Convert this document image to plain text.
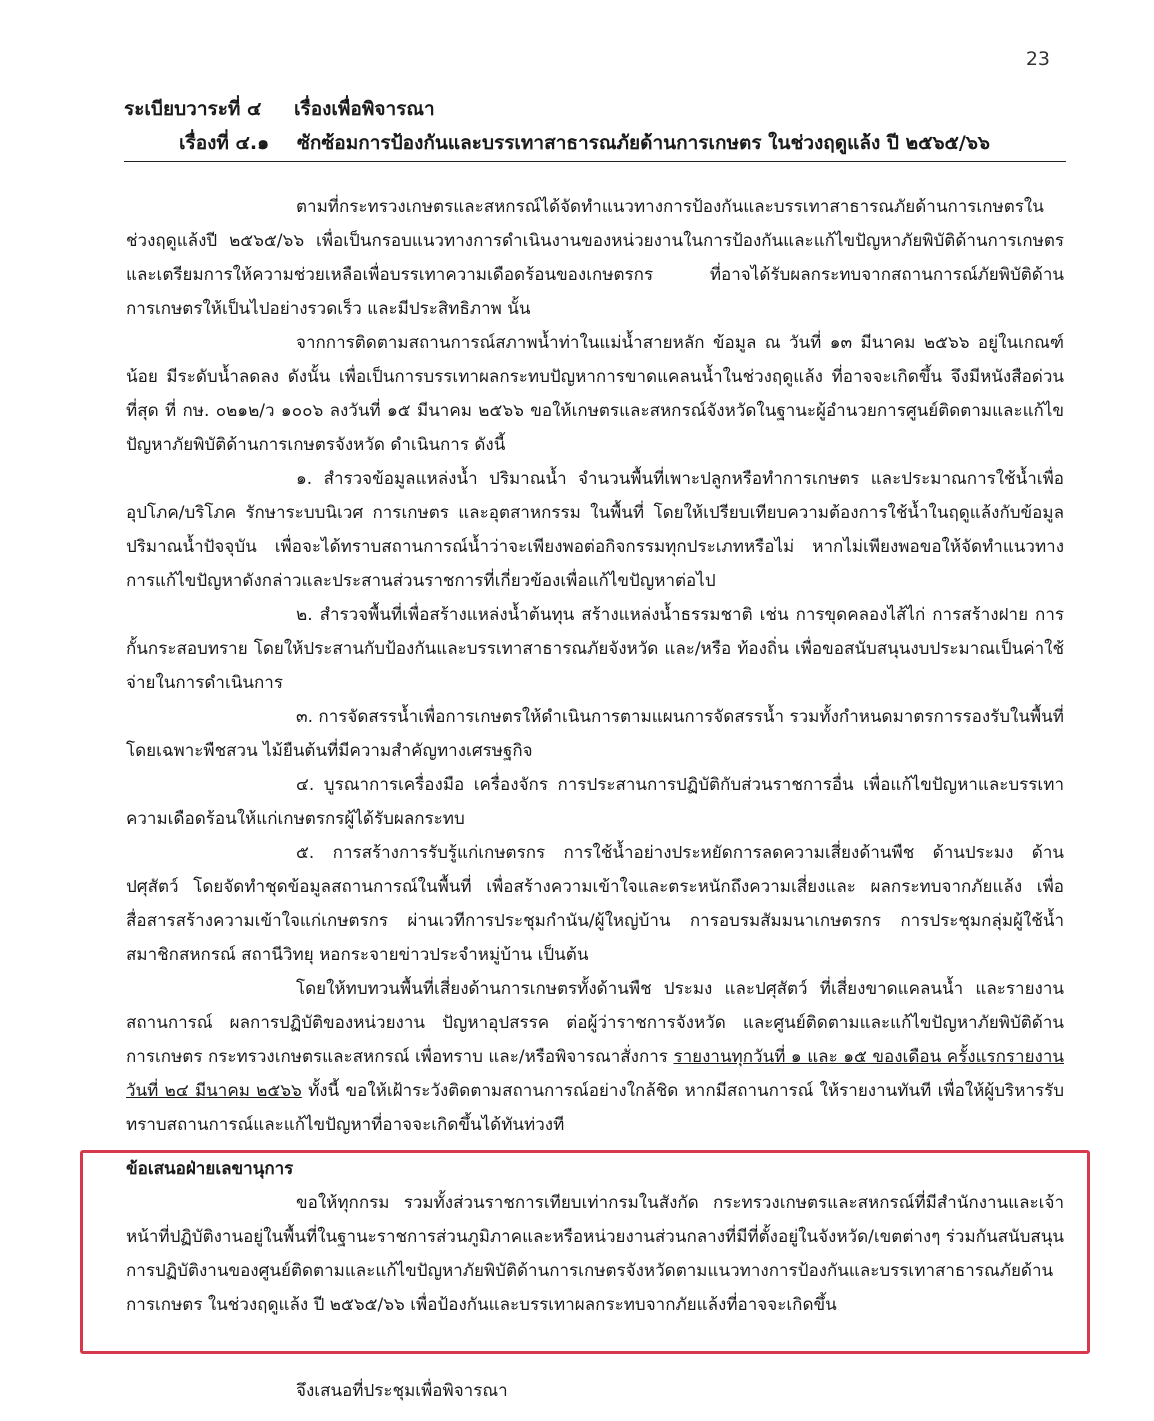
23
ระเบียบวาระที่ ๔ เรื่องเพื่อพิจารณา
เรื่องที่ ๔.๑ ซักซ้อมการป้องกันและบรรเทาสาธารณภัยด้านการเกษตร ในช่วงฤดูแล้ง ปี ๒๕๖๕/๖๖

ตามที่กระทรวงเกษตรและสหกรณ์ได้จัดทำแนวทางการป้องกันและบรรเทาสาธารณภัยด้านการเกษตรในช่วงฤดูแล้งปี ๒๕๖๕/๖๖ เพื่อเป็นกรอบแนวทางการดำเนินงานของหน่วยงานในการป้องกันและแก้ไขปัญหาภัยพิบัติด้านการเกษตร และเตรียมการให้ความช่วยเหลือเพื่อบรรเทาความเดือดร้อนของเกษตรกร ที่อาจได้รับผลกระทบจากสถานการณ์ภัยพิบัติด้านการเกษตรให้เป็นไปอย่างรวดเร็ว และมีประสิทธิภาพ นั้น

จากการติดตามสถานการณ์สภาพน้ำท่าในแม่น้ำสายหลัก ข้อมูล ณ วันที่ ๑๓ มีนาคม ๒๕๖๖ อยู่ในเกณฑ์น้อย มีระดับน้ำลดลง ดังนั้น เพื่อเป็นการบรรเทาผลกระทบปัญหาการขาดแคลนน้ำในช่วงฤดูแล้ง ที่อาจจะเกิดขึ้น จึงมีหนังสือด่วนที่สุด ที่ กษ. ๐๒๑๒/ว ๑๐๐๖ ลงวันที่ ๑๕ มีนาคม ๒๕๖๖ ขอให้เกษตรและสหกรณ์จังหวัดในฐานะผู้อำนวยการศูนย์ติดตามและแก้ไขปัญหาภัยพิบัติด้านการเกษตรจังหวัด ดำเนินการ ดังนี้

๑. สำรวจข้อมูลแหล่งน้ำ ปริมาณน้ำ จำนวนพื้นที่เพาะปลูกหรือทำการเกษตร และประมาณการใช้น้ำเพื่ออุปโภค/บริโภค รักษาระบบนิเวศ การเกษตร และอุตสาหกรรม ในพื้นที่ โดยให้เปรียบเทียบความต้องการใช้น้ำในฤดูแล้งกับข้อมูลปริมาณน้ำปัจจุบัน เพื่อจะได้ทราบสถานการณ์น้ำว่าจะเพียงพอต่อกิจกรรมทุกประเภทหรือไม่ หากไม่เพียงพอขอให้จัดทำแนวทางการแก้ไขปัญหาดังกล่าวและประสานส่วนราชการที่เกี่ยวข้องเพื่อแก้ไขปัญหาต่อไป

๒. สำรวจพื้นที่เพื่อสร้างแหล่งน้ำต้นทุน สร้างแหล่งน้ำธรรมชาติ เช่น การขุดคลองไส้ไก่ การสร้างฝาย การกั้นกระสอบทราย โดยให้ประสานกับป้องกันและบรรเทาสาธารณภัยจังหวัด และ/หรือ ท้องถิ่น เพื่อขอสนับสนุนงบประมาณเป็นค่าใช้จ่ายในการดำเนินการ

๓. การจัดสรรน้ำเพื่อการเกษตรให้ดำเนินการตามแผนการจัดสรรน้ำ รวมทั้งกำหนดมาตรการรองรับในพื้นที่ โดยเฉพาะพืชสวน ไม้ยืนต้นที่มีความสำคัญทางเศรษฐกิจ

๔. บูรณาการเครื่องมือ เครื่องจักร การประสานการปฏิบัติกับส่วนราชการอื่น เพื่อแก้ไขปัญหาและบรรเทาความเดือดร้อนให้แก่เกษตรกรผู้ได้รับผลกระทบ

๕. การสร้างการรับรู้แก่เกษตรกร การใช้น้ำอย่างประหยัดการลดความเสี่ยงด้านพืช ด้านประมง ด้านปศุสัตว์ โดยจัดทำชุดข้อมูลสถานการณ์ในพื้นที่ เพื่อสร้างความเข้าใจและตระหนักถึงความเสี่ยงและ ผลกระทบจากภัยแล้ง เพื่อสื่อสารสร้างความเข้าใจแก่เกษตรกร ผ่านเวทีการประชุมกำนัน/ผู้ใหญ่บ้าน การอบรมสัมมนาเกษตรกร การประชุมกลุ่มผู้ใช้น้ำ สมาชิกสหกรณ์ สถานีวิทยุ หอกระจายข่าวประจำหมู่บ้าน เป็นต้น

โดยให้ทบทวนพื้นที่เสี่ยงด้านการเกษตรทั้งด้านพืช ประมง และปศุสัตว์ ที่เสี่ยงขาดแคลนน้ำ และรายงานสถานการณ์ ผลการปฏิบัติของหน่วยงาน ปัญหาอุปสรรค ต่อผู้ว่าราชการจังหวัด และศูนย์ติดตามและแก้ไขปัญหาภัยพิบัติด้านการเกษตร กระทรวงเกษตรและสหกรณ์ เพื่อทราบ และ/หรือพิจารณาสั่งการ รายงานทุกวันที่ ๑ และ ๑๕ ของเดือน ครั้งแรกรายงานวันที่ ๒๔ มีนาคม ๒๕๖๖ ทั้งนี้ ขอให้เฝ้าระวังติดตามสถานการณ์อย่างใกล้ชิด หากมีสถานการณ์ ให้รายงานทันที เพื่อให้ผู้บริหารรับทราบสถานการณ์และแก้ไขปัญหาที่อาจจะเกิดขึ้นได้ทันท่วงที

ข้อเสนอฝ่ายเลขานุการ

ขอให้ทุกกรม รวมทั้งส่วนราชการเทียบเท่ากรมในสังกัด กระทรวงเกษตรและสหกรณ์ที่มีสำนักงานและเจ้าหน้าที่ปฏิบัติงานอยู่ในพื้นที่ในฐานะราชการส่วนภูมิภาคและหรือหน่วยงานส่วนกลางที่มีที่ตั้งอยู่ในจังหวัด/เขตต่างๆ ร่วมกันสนับสนุนการปฏิบัติงานของศูนย์ติดตามและแก้ไขปัญหาภัยพิบัติด้านการเกษตรจังหวัดตามแนวทางการป้องกันและบรรเทาสาธารณภัยด้านการเกษตร ในช่วงฤดูแล้ง ปี ๒๕๖๕/๖๖ เพื่อป้องกันและบรรเทาผลกระทบจากภัยแล้งที่อาจจะเกิดขึ้น

จึงเสนอที่ประชุมเพื่อพิจารณา
